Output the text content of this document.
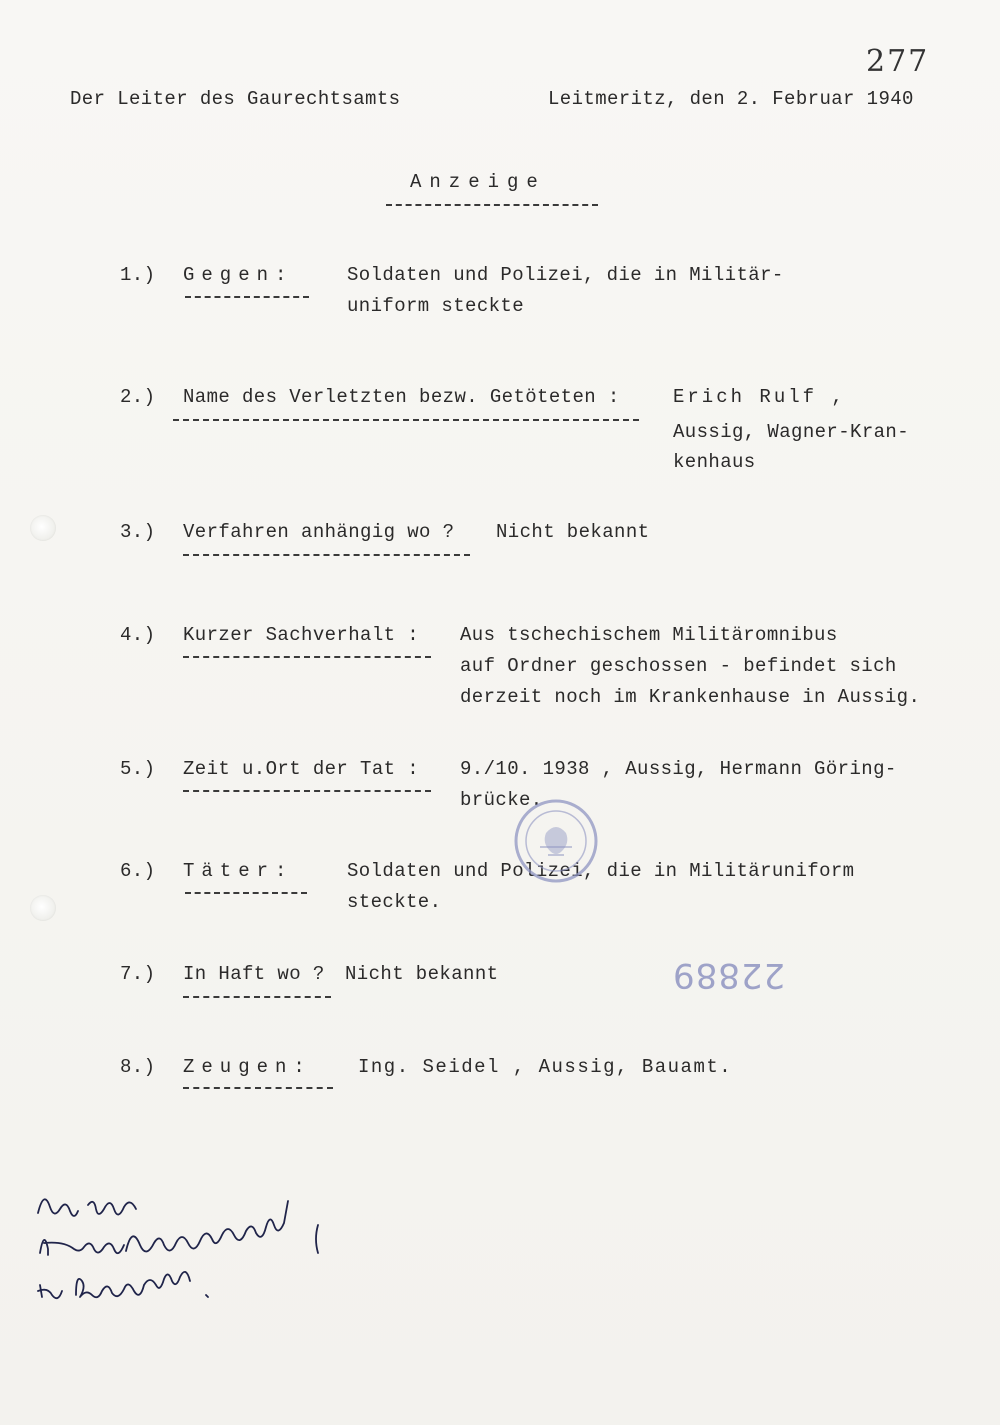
277
Der Leiter des Gaurechtsamts	Leitmeritz, den 2. Februar 1940
Anzeige
1.) Gegen:	Soldaten und Polizei, die in Militär-
uniform steckte
2.) Name des Verletzten bezw. Getöteten :	Erich Rulf ,
Aussig, Wagner-Kran-
kenhaus
3.) Verfahren anhängig wo ? Nicht bekannt
4.) Kurzer Sachverhalt : Aus tschechischem Militäromnibus
auf Ordner geschossen - befindet sich
derzeit noch im Krankenhause in Aussig.
5.) Zeit u.Ort der Tat : 9./10. 1938 , Aussig, Hermann Göring-
brücke.
6.) Täter:	Soldaten und Polizei, die in Militäruniform
steckte.
7.) In Haft wo ? Nicht bekannt
8.) Zeugen: Ing. Seidel , Aussig, Bauamt.
22889
